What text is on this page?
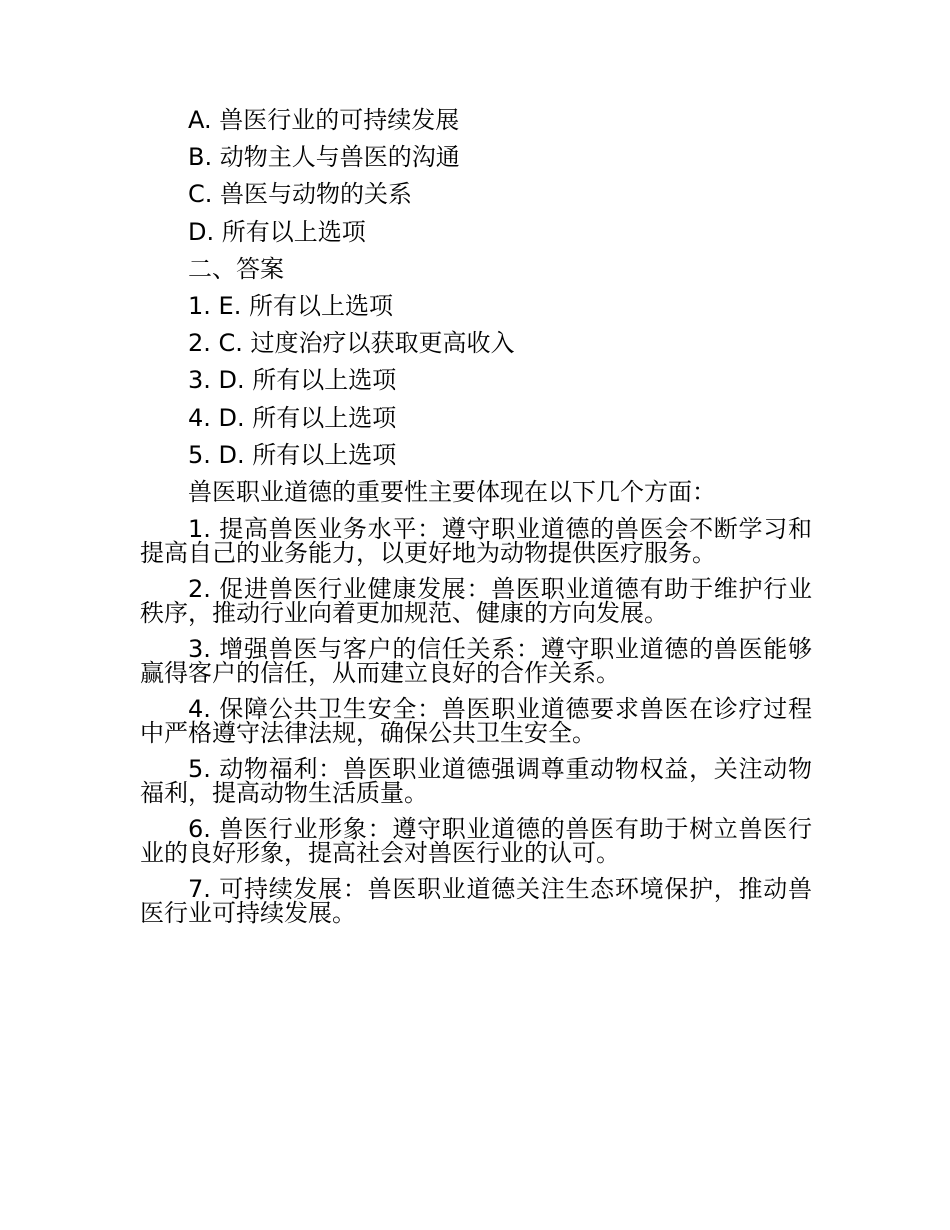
A. 兽医行业的可持续发展

B. 动物主人与兽医的沟通

C. 兽医与动物的关系

D. 所有以上选项

二、答案

1. E. 所有以上选项

2. C. 过度治疗以获取更高收入

3. D. 所有以上选项

4. D. 所有以上选项

5. D. 所有以上选项

兽医职业道德的重要性主要体现在以下几个方面：

1. 提高兽医业务水平：遵守职业道德的兽医会不断学习和提高自己的业务能力，以更好地为动物提供医疗服务。

2. 促进兽医行业健康发展：兽医职业道德有助于维护行业秩序，推动行业向着更加规范、健康的方向发展。

3. 增强兽医与客户的信任关系：遵守职业道德的兽医能够赢得客户的信任，从而建立良好的合作关系。

4. 保障公共卫生安全：兽医职业道德要求兽医在诊疗过程中严格遵守法律法规，确保公共卫生安全。

5. 动物福利：兽医职业道德强调尊重动物权益，关注动物福利，提高动物生活质量。

6. 兽医行业形象：遵守职业道德的兽医有助于树立兽医行业的良好形象，提高社会对兽医行业的认可。

7. 可持续发展：兽医职业道德关注生态环境保护，推动兽医行业可持续发展。
